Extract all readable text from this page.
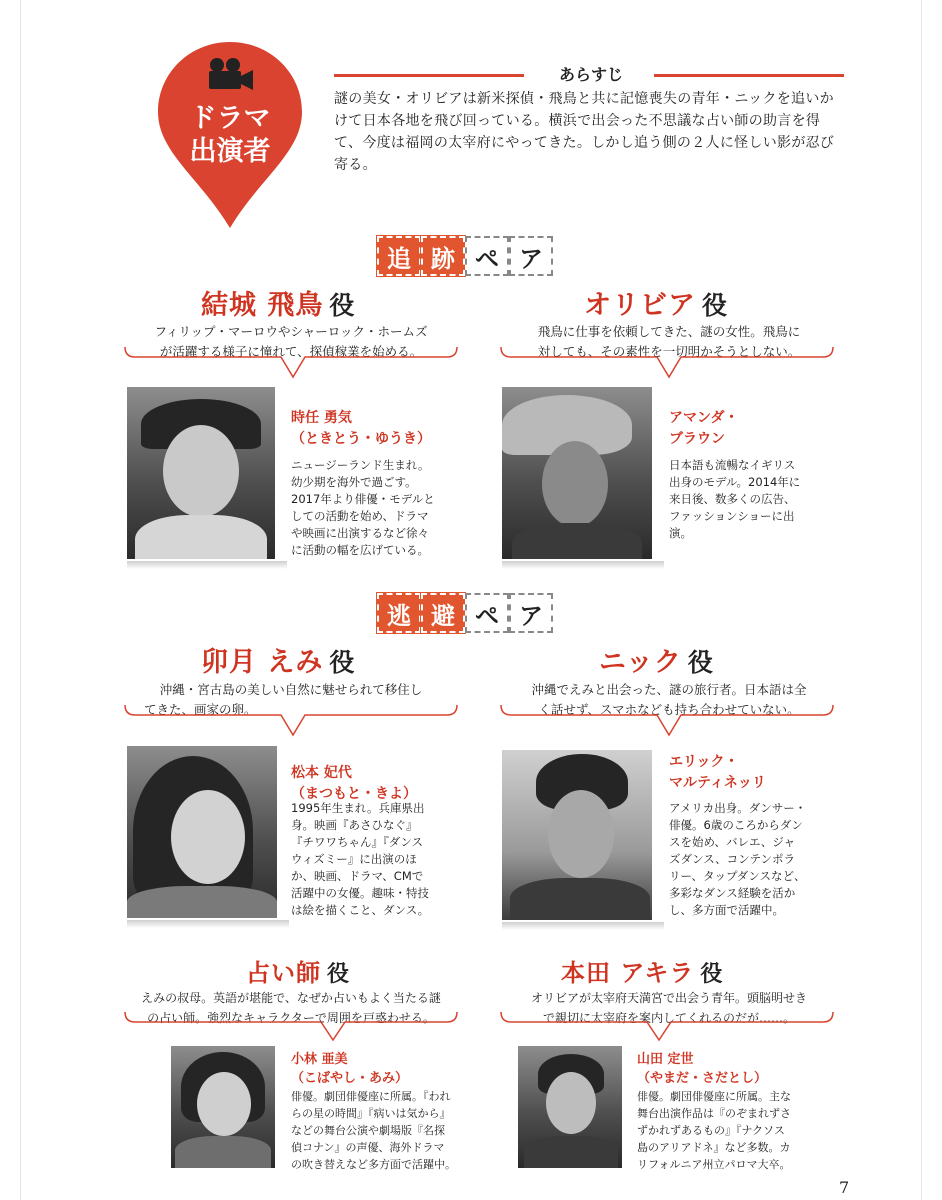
ドラマ
出演者
あらすじ
謎の美女・オリビアは新米探偵・飛鳥と共に記憶喪失の青年・ニックを追いかけて日本各地を飛び回っている。横浜で出会った不思議な占い師の助言を得て、今度は福岡の太宰府にやってきた。しかし追う側の２人に怪しい影が忍び寄る。
追 跡 ペ ア
結城 飛鳥 役
フィリップ・マーロウやシャーロック・ホームズ
が活躍する様子に憧れて、探偵稼業を始める。
時任 勇気
（ときとう・ゆうき）
ニュージーランド生まれ。
幼少期を海外で過ごす。
2017年より俳優・モデルと
しての活動を始め、ドラマ
や映画に出演するなど徐々
に活動の幅を広げている。
オリビア 役
飛鳥に仕事を依頼してきた、謎の女性。飛鳥に
対しても、その素性を一切明かそうとしない。
アマンダ・
ブラウン
日本語も流暢なイギリス
出身のモデル。2014年に
来日後、数多くの広告、
ファッションショーに出
演。
逃 避 ペ ア
卯月 えみ 役
沖縄・宮古島の美しい自然に魅せられて移住し
てきた、画家の卵。
松本 妃代
（まつもと・きよ）
1995年生まれ。兵庫県出
身。映画『あさひなぐ』
『チワワちゃん』『ダンス
ウィズミー』に出演のほ
か、映画、ドラマ、CMで
活躍中の女優。趣味・特技
は絵を描くこと、ダンス。
ニック 役
沖縄でえみと出会った、謎の旅行者。日本語は全
く話せず、スマホなども持ち合わせていない。
エリック・
マルティネッリ
アメリカ出身。ダンサー・
俳優。6歳のころからダン
スを始め、バレエ、ジャ
ズダンス、コンテンポラ
リー、タップダンスなど、
多彩なダンス経験を活か
し、多方面で活躍中。
占い師 役
えみの叔母。英語が堪能で、なぜか占いもよく当たる謎
の占い師。強烈なキャラクターで周囲を戸惑わせる。
小林 亜美
（こばやし・あみ）
俳優。劇団俳優座に所属。『われ
らの星の時間』『病いは気から』
などの舞台公演や劇場版『名探
偵コナン』の声優、海外ドラマ
の吹き替えなど多方面で活躍中。
本田 アキラ 役
オリビアが太宰府天満宮で出会う青年。頭脳明せき
で親切に太宰府を案内してくれるのだが……。
山田 定世
（やまだ・さだとし）
俳優。劇団俳優座に所属。主な
舞台出演作品は『のぞまれずさ
ずかれずあるもの』『ナクソス
島のアリアドネ』など多数。カ
リフォルニア州立パロマ大卒。
7
